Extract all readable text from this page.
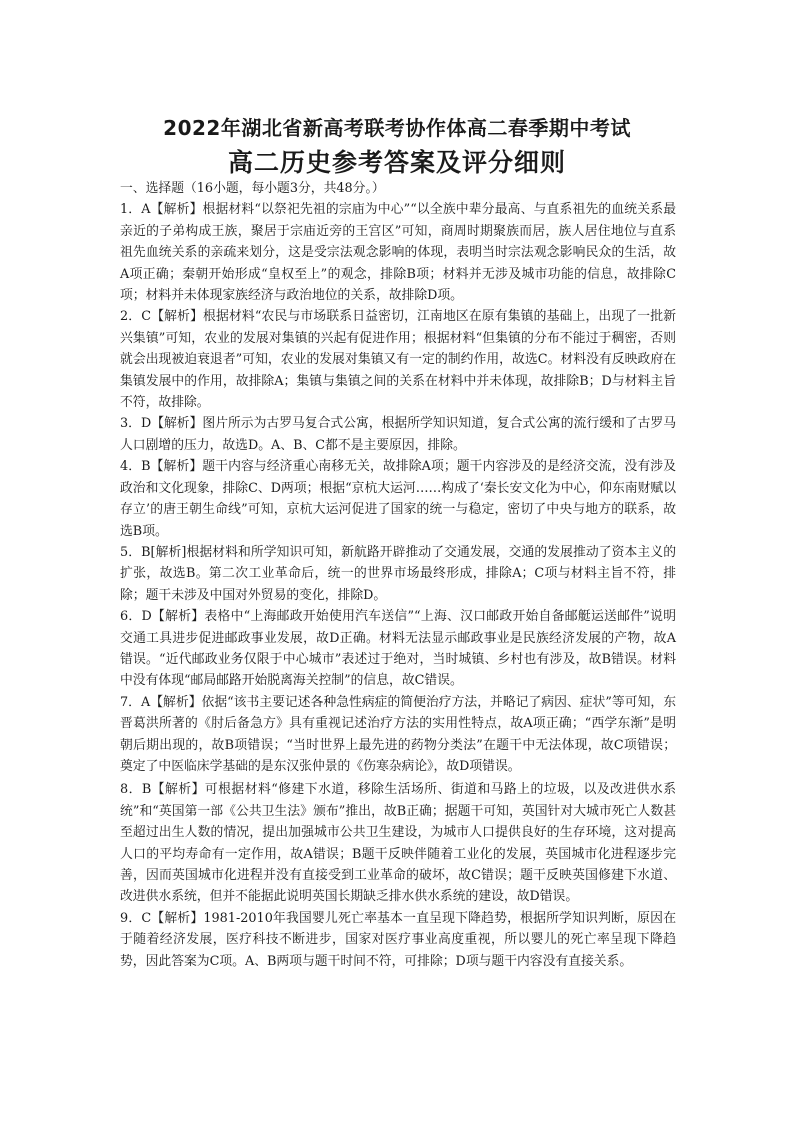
2022年湖北省新高考联考协作体高二春季期中考试
高二历史参考答案及评分细则

一、选择题（16小题，每小题3分，共48分。）

1．A【解析】根据材料“以祭祀先祖的宗庙为中心”“以全族中辈分最高、与直系祖先的血统关系最亲近的子弟构成王族，聚居于宗庙近旁的王宫区”可知，商周时期聚族而居，族人居住地位与直系祖先血统关系的亲疏来划分，这是受宗法观念影响的体现，表明当时宗法观念影响民众的生活，故A项正确；秦朝开始形成“皇权至上”的观念，排除B项；材料并无涉及城市功能的信息，故排除C项；材料并未体现家族经济与政治地位的关系，故排除D项。

2．C【解析】根据材料“农民与市场联系日益密切，江南地区在原有集镇的基础上，出现了一批新兴集镇”可知，农业的发展对集镇的兴起有促进作用；根据材料“但集镇的分布不能过于稠密，否则就会出现被迫衰退者”可知，农业的发展对集镇又有一定的制约作用，故选C。材料没有反映政府在集镇发展中的作用，故排除A；集镇与集镇之间的关系在材料中并未体现，故排除B；D与材料主旨不符，故排除。

3．D【解析】图片所示为古罗马复合式公寓，根据所学知识知道，复合式公寓的流行缓和了古罗马人口剧增的压力，故选D。A、B、C都不是主要原因，排除。

4．B【解析】题干内容与经济重心南移无关，故排除A项；题干内容涉及的是经济交流，没有涉及政治和文化现象，排除C、D两项；根据“京杭大运河……构成了‘秦长安文化为中心，仰东南财赋以存立’的唐王朝生命线”可知，京杭大运河促进了国家的统一与稳定，密切了中央与地方的联系，故选B项。

5．B[解析]根据材料和所学知识可知，新航路开辟推动了交通发展，交通的发展推动了资本主义的扩张，故选B。第二次工业革命后，统一的世界市场最终形成，排除A；C项与材料主旨不符，排除；题干未涉及中国对外贸易的变化，排除D。

6．D【解析】表格中“上海邮政开始使用汽车送信”“上海、汉口邮政开始自备邮艇运送邮件”说明交通工具进步促进邮政事业发展，故D正确。材料无法显示邮政事业是民族经济发展的产物，故A错误。“近代邮政业务仅限于中心城市”表述过于绝对，当时城镇、乡村也有涉及，故B错误。材料中没有体现“邮局邮路开始脱离海关控制”的信息，故C错误。

7．A【解析】依据“该书主要记述各种急性病症的简便治疗方法，并略记了病因、症状”等可知，东晋葛洪所著的《肘后备急方》具有重视记述治疗方法的实用性特点，故A项正确；“西学东渐”是明朝后期出现的，故B项错误；“当时世界上最先进的药物分类法”在题干中无法体现，故C项错误；奠定了中医临床学基础的是东汉张仲景的《伤寒杂病论》，故D项错误。

8．B【解析】可根据材料“修建下水道，移除生活场所、街道和马路上的垃圾，以及改进供水系统”和“英国第一部《公共卫生法》颁布”推出，故B正确；据题干可知，英国针对大城市死亡人数甚至超过出生人数的情况，提出加强城市公共卫生建设，为城市人口提供良好的生存环境，这对提高人口的平均寿命有一定作用，故A错误；B题干反映伴随着工业化的发展，英国城市化进程逐步完善，因而英国城市化进程并没有直接受到工业革命的破坏，故C错误；题干反映英国修建下水道、改进供水系统，但并不能据此说明英国长期缺乏排水供水系统的建设，故D错误。

9．C【解析】1981-2010年我国婴儿死亡率基本一直呈现下降趋势，根据所学知识判断，原因在于随着经济发展，医疗科技不断进步，国家对医疗事业高度重视，所以婴儿的死亡率呈现下降趋势，因此答案为C项。A、B两项与题干时间不符，可排除；D项与题干内容没有直接关系。
